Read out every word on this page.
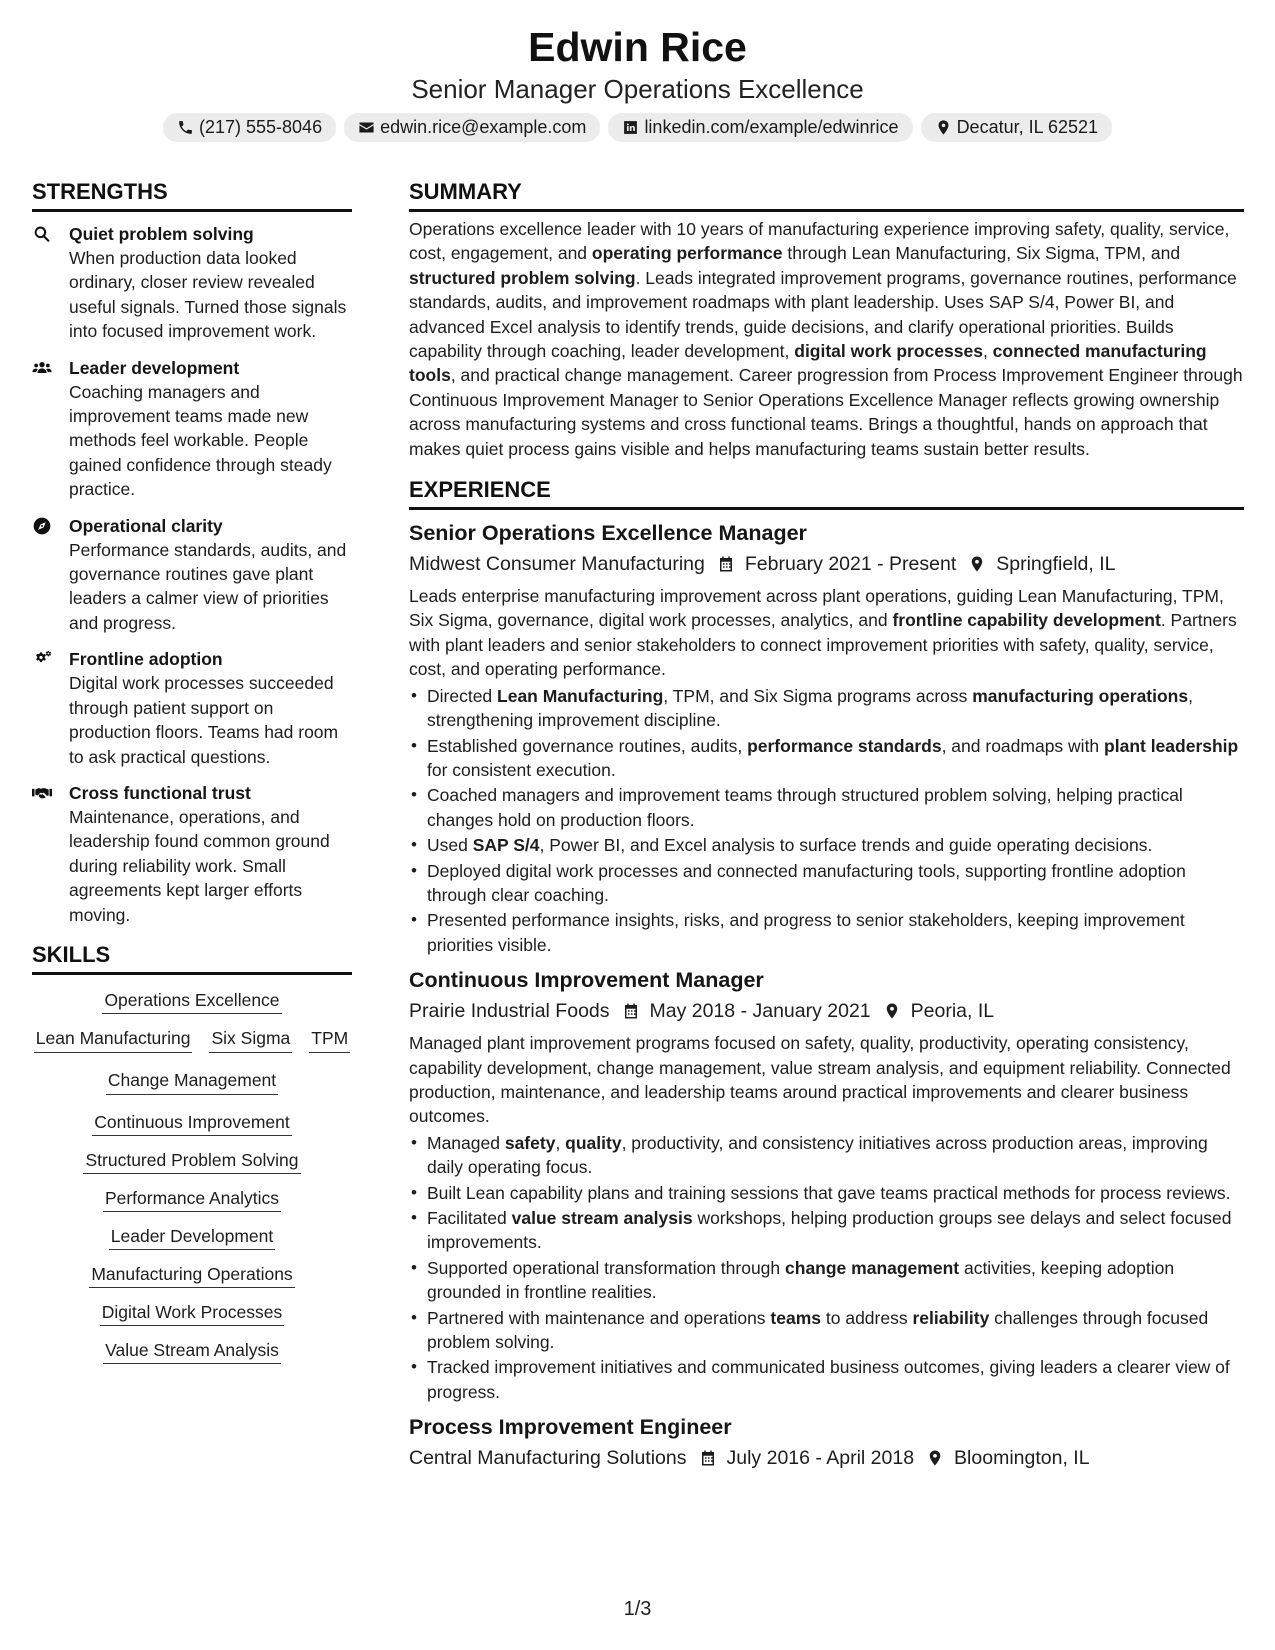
Edwin Rice
Senior Manager Operations Excellence
(217) 555-8046	edwin.rice@example.com	linkedin.com/example/edwinrice	Decatur, IL 62521
STRENGTHS
Quiet problem solving
When production data looked ordinary, closer review revealed useful signals. Turned those signals into focused improvement work.
Leader development
Coaching managers and improvement teams made new methods feel workable. People gained confidence through steady practice.
Operational clarity
Performance standards, audits, and governance routines gave plant leaders a calmer view of priorities and progress.
Frontline adoption
Digital work processes succeeded through patient support on production floors. Teams had room to ask practical questions.
Cross functional trust
Maintenance, operations, and leadership found common ground during reliability work. Small agreements kept larger efforts moving.
SKILLS
Operations Excellence
Lean Manufacturing Six Sigma TPM
Change Management
Continuous Improvement
Structured Problem Solving
Performance Analytics
Leader Development
Manufacturing Operations
Digital Work Processes
Value Stream Analysis
SUMMARY
Operations excellence leader with 10 years of manufacturing experience improving safety, quality, service, cost, engagement, and operating performance through Lean Manufacturing, Six Sigma, TPM, and structured problem solving. Leads integrated improvement programs, governance routines, performance standards, audits, and improvement roadmaps with plant leadership. Uses SAP S/4, Power BI, and advanced Excel analysis to identify trends, guide decisions, and clarify operational priorities. Builds capability through coaching, leader development, digital work processes, connected manufacturing tools, and practical change management. Career progression from Process Improvement Engineer through Continuous Improvement Manager to Senior Operations Excellence Manager reflects growing ownership across manufacturing systems and cross functional teams. Brings a thoughtful, hands on approach that makes quiet process gains visible and helps manufacturing teams sustain better results.
EXPERIENCE
Senior Operations Excellence Manager
Midwest Consumer Manufacturing February 2021 - Present Springfield, IL
Leads enterprise manufacturing improvement across plant operations, guiding Lean Manufacturing, TPM, Six Sigma, governance, digital work processes, analytics, and frontline capability development. Partners with plant leaders and senior stakeholders to connect improvement priorities with safety, quality, service, cost, and operating performance.
• Directed Lean Manufacturing, TPM, and Six Sigma programs across manufacturing operations, strengthening improvement discipline.
• Established governance routines, audits, performance standards, and roadmaps with plant leadership for consistent execution.
• Coached managers and improvement teams through structured problem solving, helping practical changes hold on production floors.
• Used SAP S/4, Power BI, and Excel analysis to surface trends and guide operating decisions.
• Deployed digital work processes and connected manufacturing tools, supporting frontline adoption through clear coaching.
• Presented performance insights, risks, and progress to senior stakeholders, keeping improvement priorities visible.
Continuous Improvement Manager
Prairie Industrial Foods May 2018 - January 2021 Peoria, IL
Managed plant improvement programs focused on safety, quality, productivity, operating consistency, capability development, change management, value stream analysis, and equipment reliability. Connected production, maintenance, and leadership teams around practical improvements and clearer business outcomes.
• Managed safety, quality, productivity, and consistency initiatives across production areas, improving daily operating focus.
• Built Lean capability plans and training sessions that gave teams practical methods for process reviews.
• Facilitated value stream analysis workshops, helping production groups see delays and select focused improvements.
• Supported operational transformation through change management activities, keeping adoption grounded in frontline realities.
• Partnered with maintenance and operations teams to address reliability challenges through focused problem solving.
• Tracked improvement initiatives and communicated business outcomes, giving leaders a clearer view of progress.
Process Improvement Engineer
Central Manufacturing Solutions July 2016 - April 2018 Bloomington, IL
1/3
